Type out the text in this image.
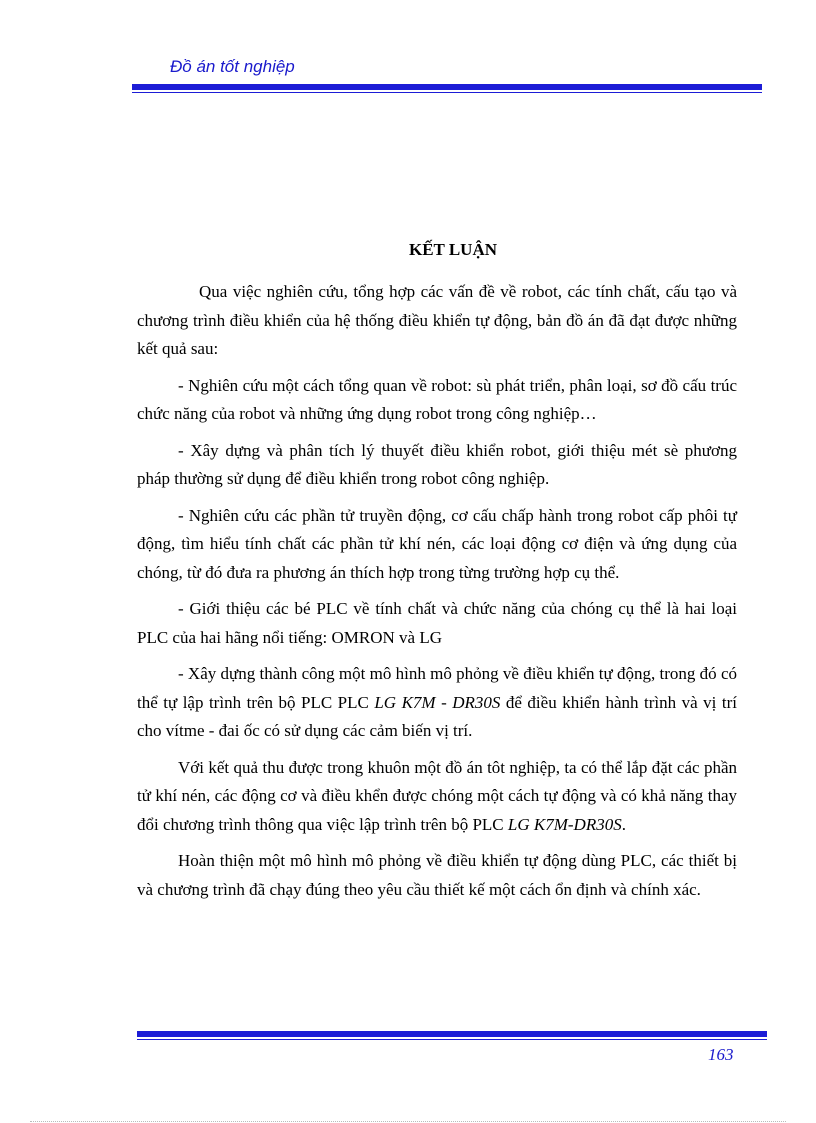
Đồ án tốt nghiệp
KẾT LUẬN

Qua việc nghiên cứu, tổng hợp các vấn đề về robot, các tính chất, cấu tạo và chương trình điều khiển của hệ thống điều khiển tự động, bản đồ án đã đạt được những kết quả sau:

- Nghiên cứu một cách tổng quan về robot: sù phát triển, phân loại, sơ đồ cấu trúc chức năng của robot và những ứng dụng robot trong công nghiệp…

- Xây dựng và phân tích lý thuyết điều khiển robot, giới thiệu mét sè phương pháp thường sử dụng để điều khiển trong robot công nghiệp.

- Nghiên cứu các phần tử truyền động, cơ cấu chấp hành trong robot cấp phôi tự động, tìm hiểu tính chất các phần tử khí nén, các loại động cơ điện và ứng dụng của chóng, từ đó đưa ra phương án thích hợp trong từng trường hợp cụ thể.

- Giới thiệu các bé PLC về tính chất và chức năng của chóng cụ thể là hai loại PLC của hai hãng nổi tiếng: OMRON và LG

- Xây dựng thành công một mô hình mô phỏng về điều khiển tự động, trong đó có thể tự lập trình trên bộ PLC PLC LG K7M - DR30S để điều khiển hành trình và vị trí cho vítme - đai ốc có sử dụng các cảm biến vị trí.

Với kết quả thu được trong khuôn một đồ án tôt nghiệp, ta có thể lắp đặt các phần tử khí nén, các động cơ và điều khển được chóng một cách tự động và có khả năng thay đổi chương trình thông qua việc lập trình trên bộ PLC LG K7M-DR30S.

Hoàn thiện một mô hình mô phỏng về điều khiển tự động dùng PLC, các thiết bị và chương trình đã chạy đúng theo yêu cầu thiết kế một cách ổn định và chính xác.

163
